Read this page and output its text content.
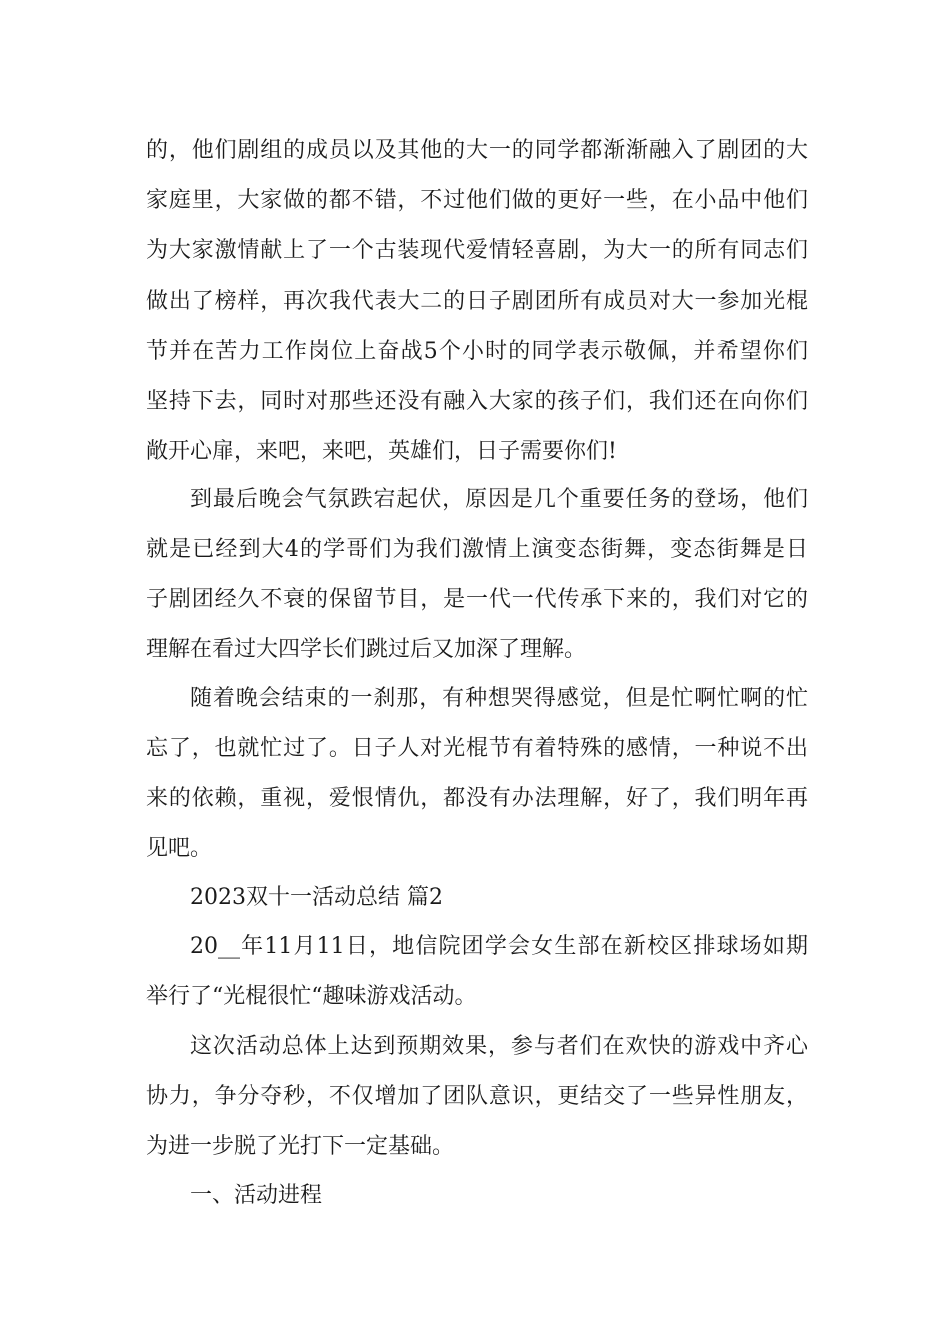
的，他们剧组的成员以及其他的大一的同学都渐渐融入了剧团的大
家庭里，大家做的都不错，不过他们做的更好一些，在小品中他们
为大家激情献上了一个古装现代爱情轻喜剧，为大一的所有同志们
做出了榜样，再次我代表大二的日子剧团所有成员对大一参加光棍
节并在苦力工作岗位上奋战5个小时的同学表示敬佩，并希望你们
坚持下去，同时对那些还没有融入大家的孩子们，我们还在向你们
敞开心扉，来吧，来吧，英雄们，日子需要你们!
到最后晚会气氛跌宕起伏，原因是几个重要任务的登场，他们
就是已经到大4的学哥们为我们激情上演变态街舞，变态街舞是日
子剧团经久不衰的保留节目，是一代一代传承下来的，我们对它的
理解在看过大四学长们跳过后又加深了理解。
随着晚会结束的一刹那，有种想哭得感觉，但是忙啊忙啊的忙
忘了，也就忙过了。日子人对光棍节有着特殊的感情，一种说不出
来的依赖，重视，爱恨情仇，都没有办法理解，好了，我们明年再
见吧。
2023双十一活动总结 篇2
20__年11月11日，地信院团学会女生部在新校区排球场如期
举行了“光棍很忙“趣味游戏活动。
这次活动总体上达到预期效果，参与者们在欢快的游戏中齐心
协力，争分夺秒，不仅增加了团队意识，更结交了一些异性朋友，
为进一步脱了光打下一定基础。
一、活动进程
